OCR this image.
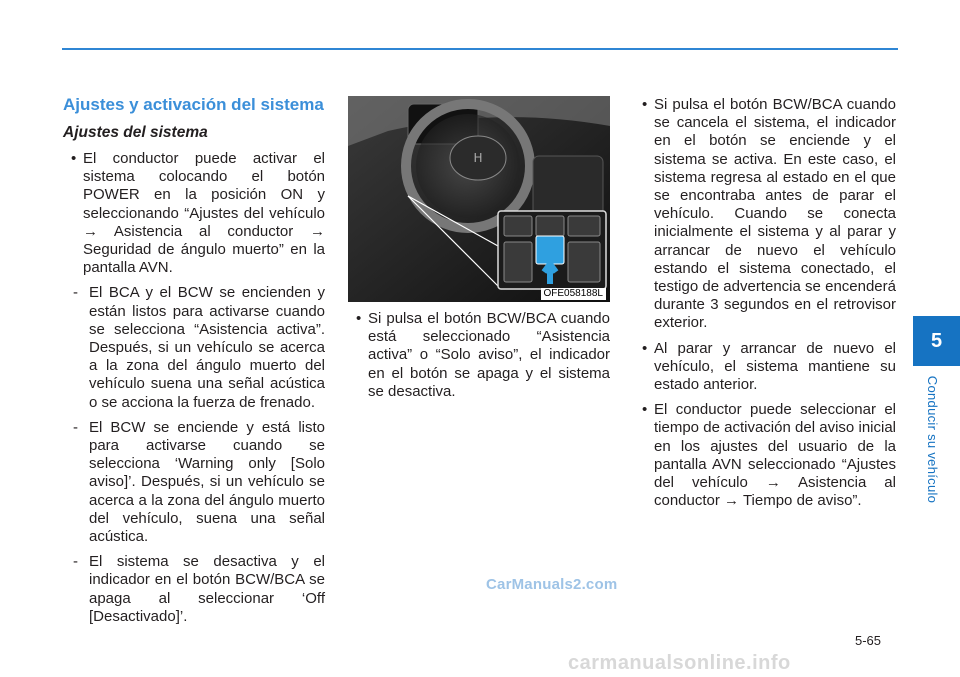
Ajustes y activación del sistema
Ajustes del sistema

• El conductor puede activar el sistema colocando el botón POWER en la posición ON y seleccionando “Ajustes del vehículo → Asistencia al conductor → Seguridad de ángulo muerto” en la pantalla AVN.

- El BCA y el BCW se encienden y están listos para activarse cuando se selecciona “Asistencia activa”. Después, si un vehículo se acerca a la zona del ángulo muerto del vehículo suena una señal acústica o se acciona la fuerza de frenado.

- El BCW se enciende y está listo para activarse cuando se selecciona ‘Warning only [Solo aviso]’. Después, si un vehículo se acerca a la zona del ángulo muerto del vehículo, suena una señal acústica.

- El sistema se desactiva y el indicador en el botón BCW/BCA se apaga al seleccionar ‘Off [Desactivado]’.

H
OFE058188L

• Si pulsa el botón BCW/BCA cuando está seleccionado “Asistencia activa” o “Solo aviso”, el indicador en el botón se apaga y el sistema se desactiva.

• Si pulsa el botón BCW/BCA cuando se cancela el sistema, el indicador en el botón se enciende y el sistema se activa. En este caso, el sistema regresa al estado en el que se encontraba antes de parar el vehículo. Cuando se conecta inicialmente el sistema y al parar y arrancar de nuevo el vehículo estando el sistema conectado, el testigo de advertencia se encenderá durante 3 segundos en el retrovisor exterior.

• Al parar y arrancar de nuevo el vehículo, el sistema mantiene su estado anterior.

• El conductor puede seleccionar el tiempo de activación del aviso inicial en los ajustes del usuario de la pantalla AVN seleccionado “Ajustes del vehículo → Asistencia al conductor → Tiempo de aviso”.

5
Conducir su vehículo
CarManuals2.com
5-65
carmanualsonline.info
